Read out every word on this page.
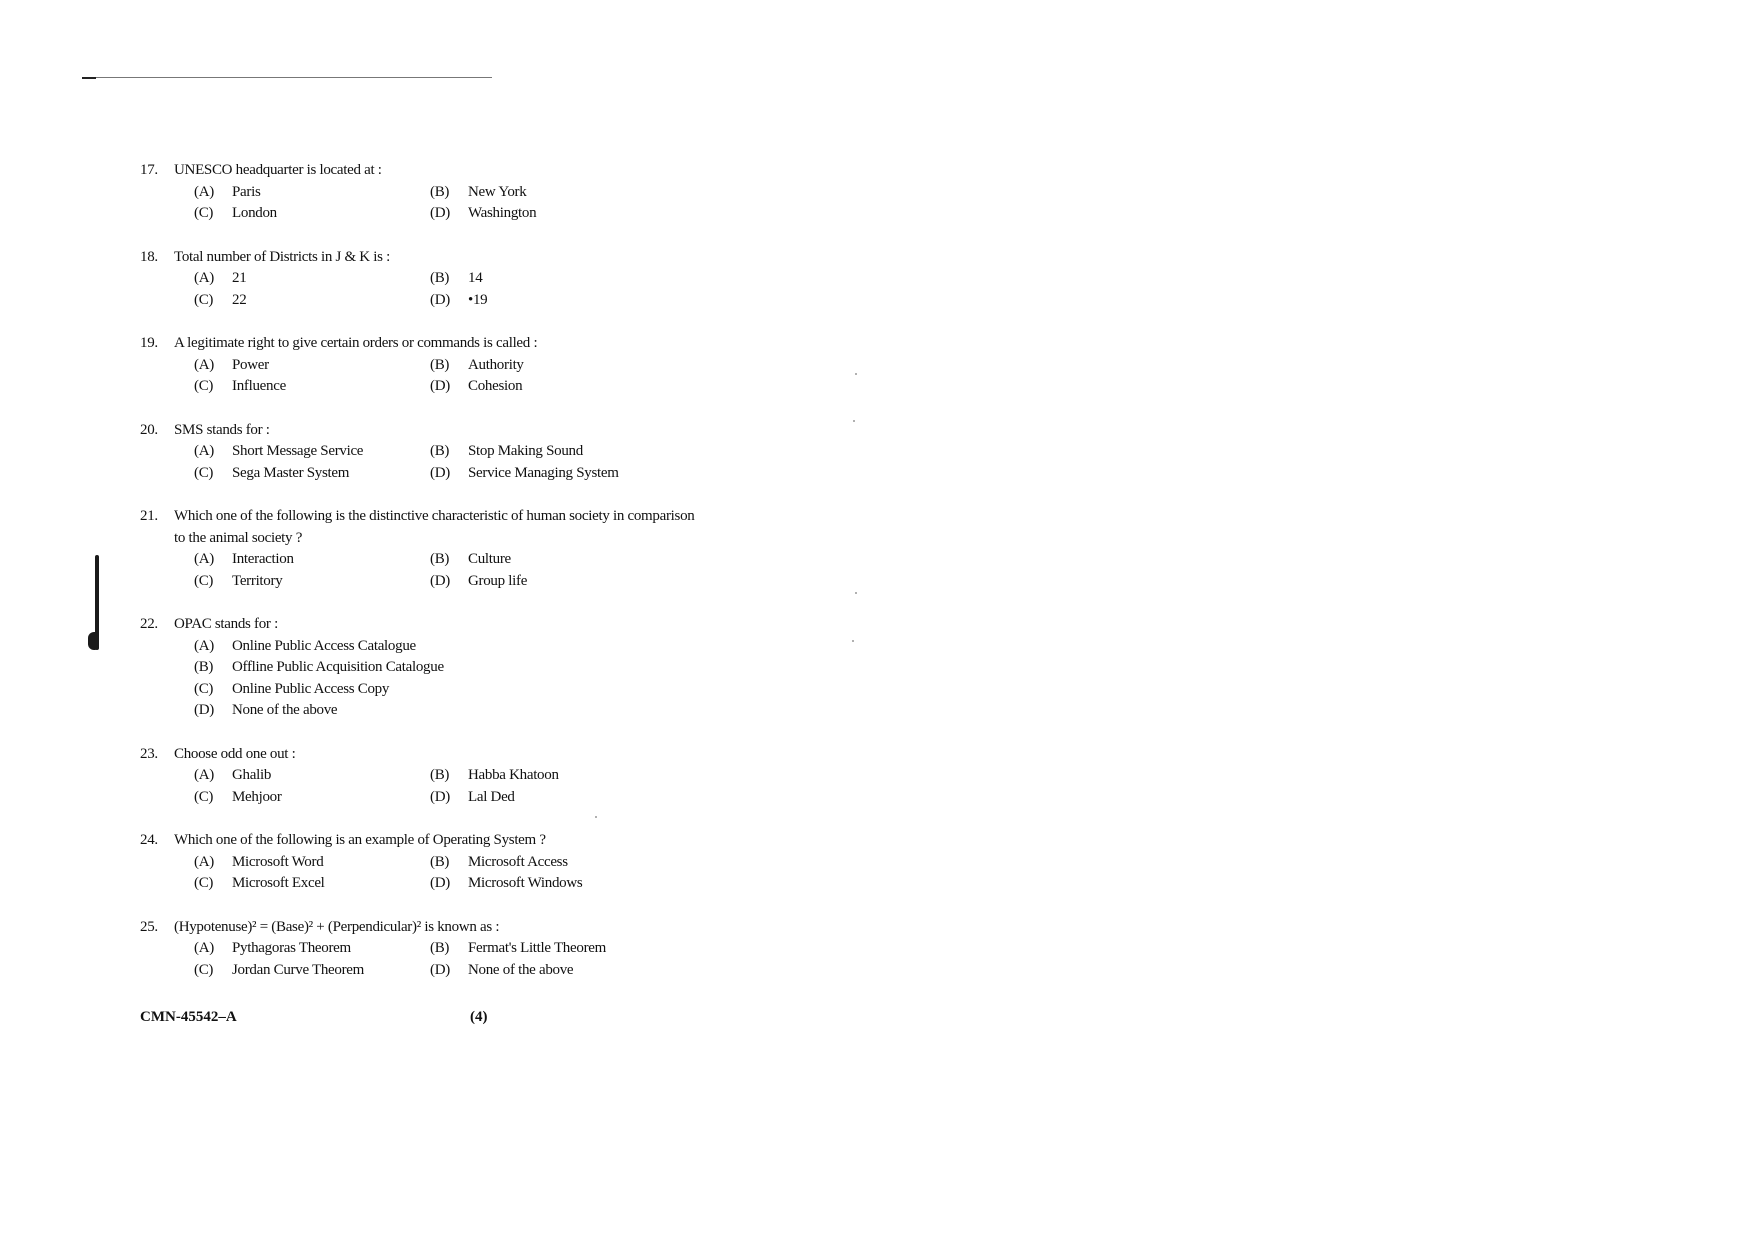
17.	UNESCO headquarter is located at :
(A)	Paris	(B)	New York
(C)	London	(D)	Washington
18.	Total number of Districts in J & K is :
(A)	21	(B)	14
(C)	22	(D)	•19
19.	A legitimate right to give certain orders or commands is called :
(A)	Power	(B)	Authority
(C)	Influence	(D)	Cohesion
20.	SMS stands for :
(A)	Short Message Service	(B)	Stop Making Sound
(C)	Sega Master System	(D)	Service Managing System
21.	Which one of the following is the distinctive characteristic of human society in comparison to the animal society ?
(A)	Interaction	(B)	Culture
(C)	Territory	(D)	Group life
22.	OPAC stands for :
(A)	Online Public Access Catalogue
(B)	Offline Public Acquisition Catalogue
(C)	Online Public Access Copy
(D)	None of the above
23.	Choose odd one out :
(A)	Ghalib	(B)	Habba Khatoon
(C)	Mehjoor	(D)	Lal Ded
24.	Which one of the following is an example of Operating System ?
(A)	Microsoft Word	(B)	Microsoft Access
(C)	Microsoft Excel	(D)	Microsoft Windows
25.	(Hypotenuse)² = (Base)² + (Perpendicular)² is known as :
(A)	Pythagoras Theorem	(B)	Fermat's Little Theorem
(C)	Jordan Curve Theorem	(D)	None of the above
CMN-45542–A	(4)
